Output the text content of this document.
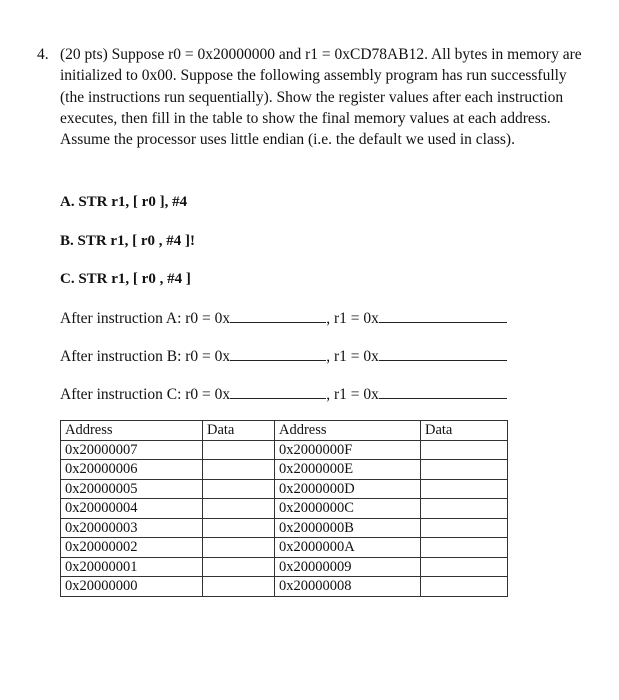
4. (20 pts) Suppose r0 = 0x20000000 and r1 = 0xCD78AB12. All bytes in memory are initialized to 0x00. Suppose the following assembly program has run successfully (the instructions run sequentially). Show the register values after each instruction executes, then fill in the table to show the final memory values at each address. Assume the processor uses little endian (i.e. the default we used in class).
A. STR r1, [ r0 ], #4
B. STR r1, [ r0 , #4 ]!
C. STR r1, [ r0 , #4 ]
After instruction A: r0 = 0x	, r1 = 0x
After instruction B: r0 = 0x	, r1 = 0x
After instruction C: r0 = 0x	, r1 = 0x
Address	Data	Address	Data
0x20000007		0x2000000F	
0x20000006		0x2000000E	
0x20000005		0x2000000D	
0x20000004		0x2000000C	
0x20000003		0x2000000B	
0x20000002		0x2000000A	
0x20000001		0x20000009	
0x20000000		0x20000008	
